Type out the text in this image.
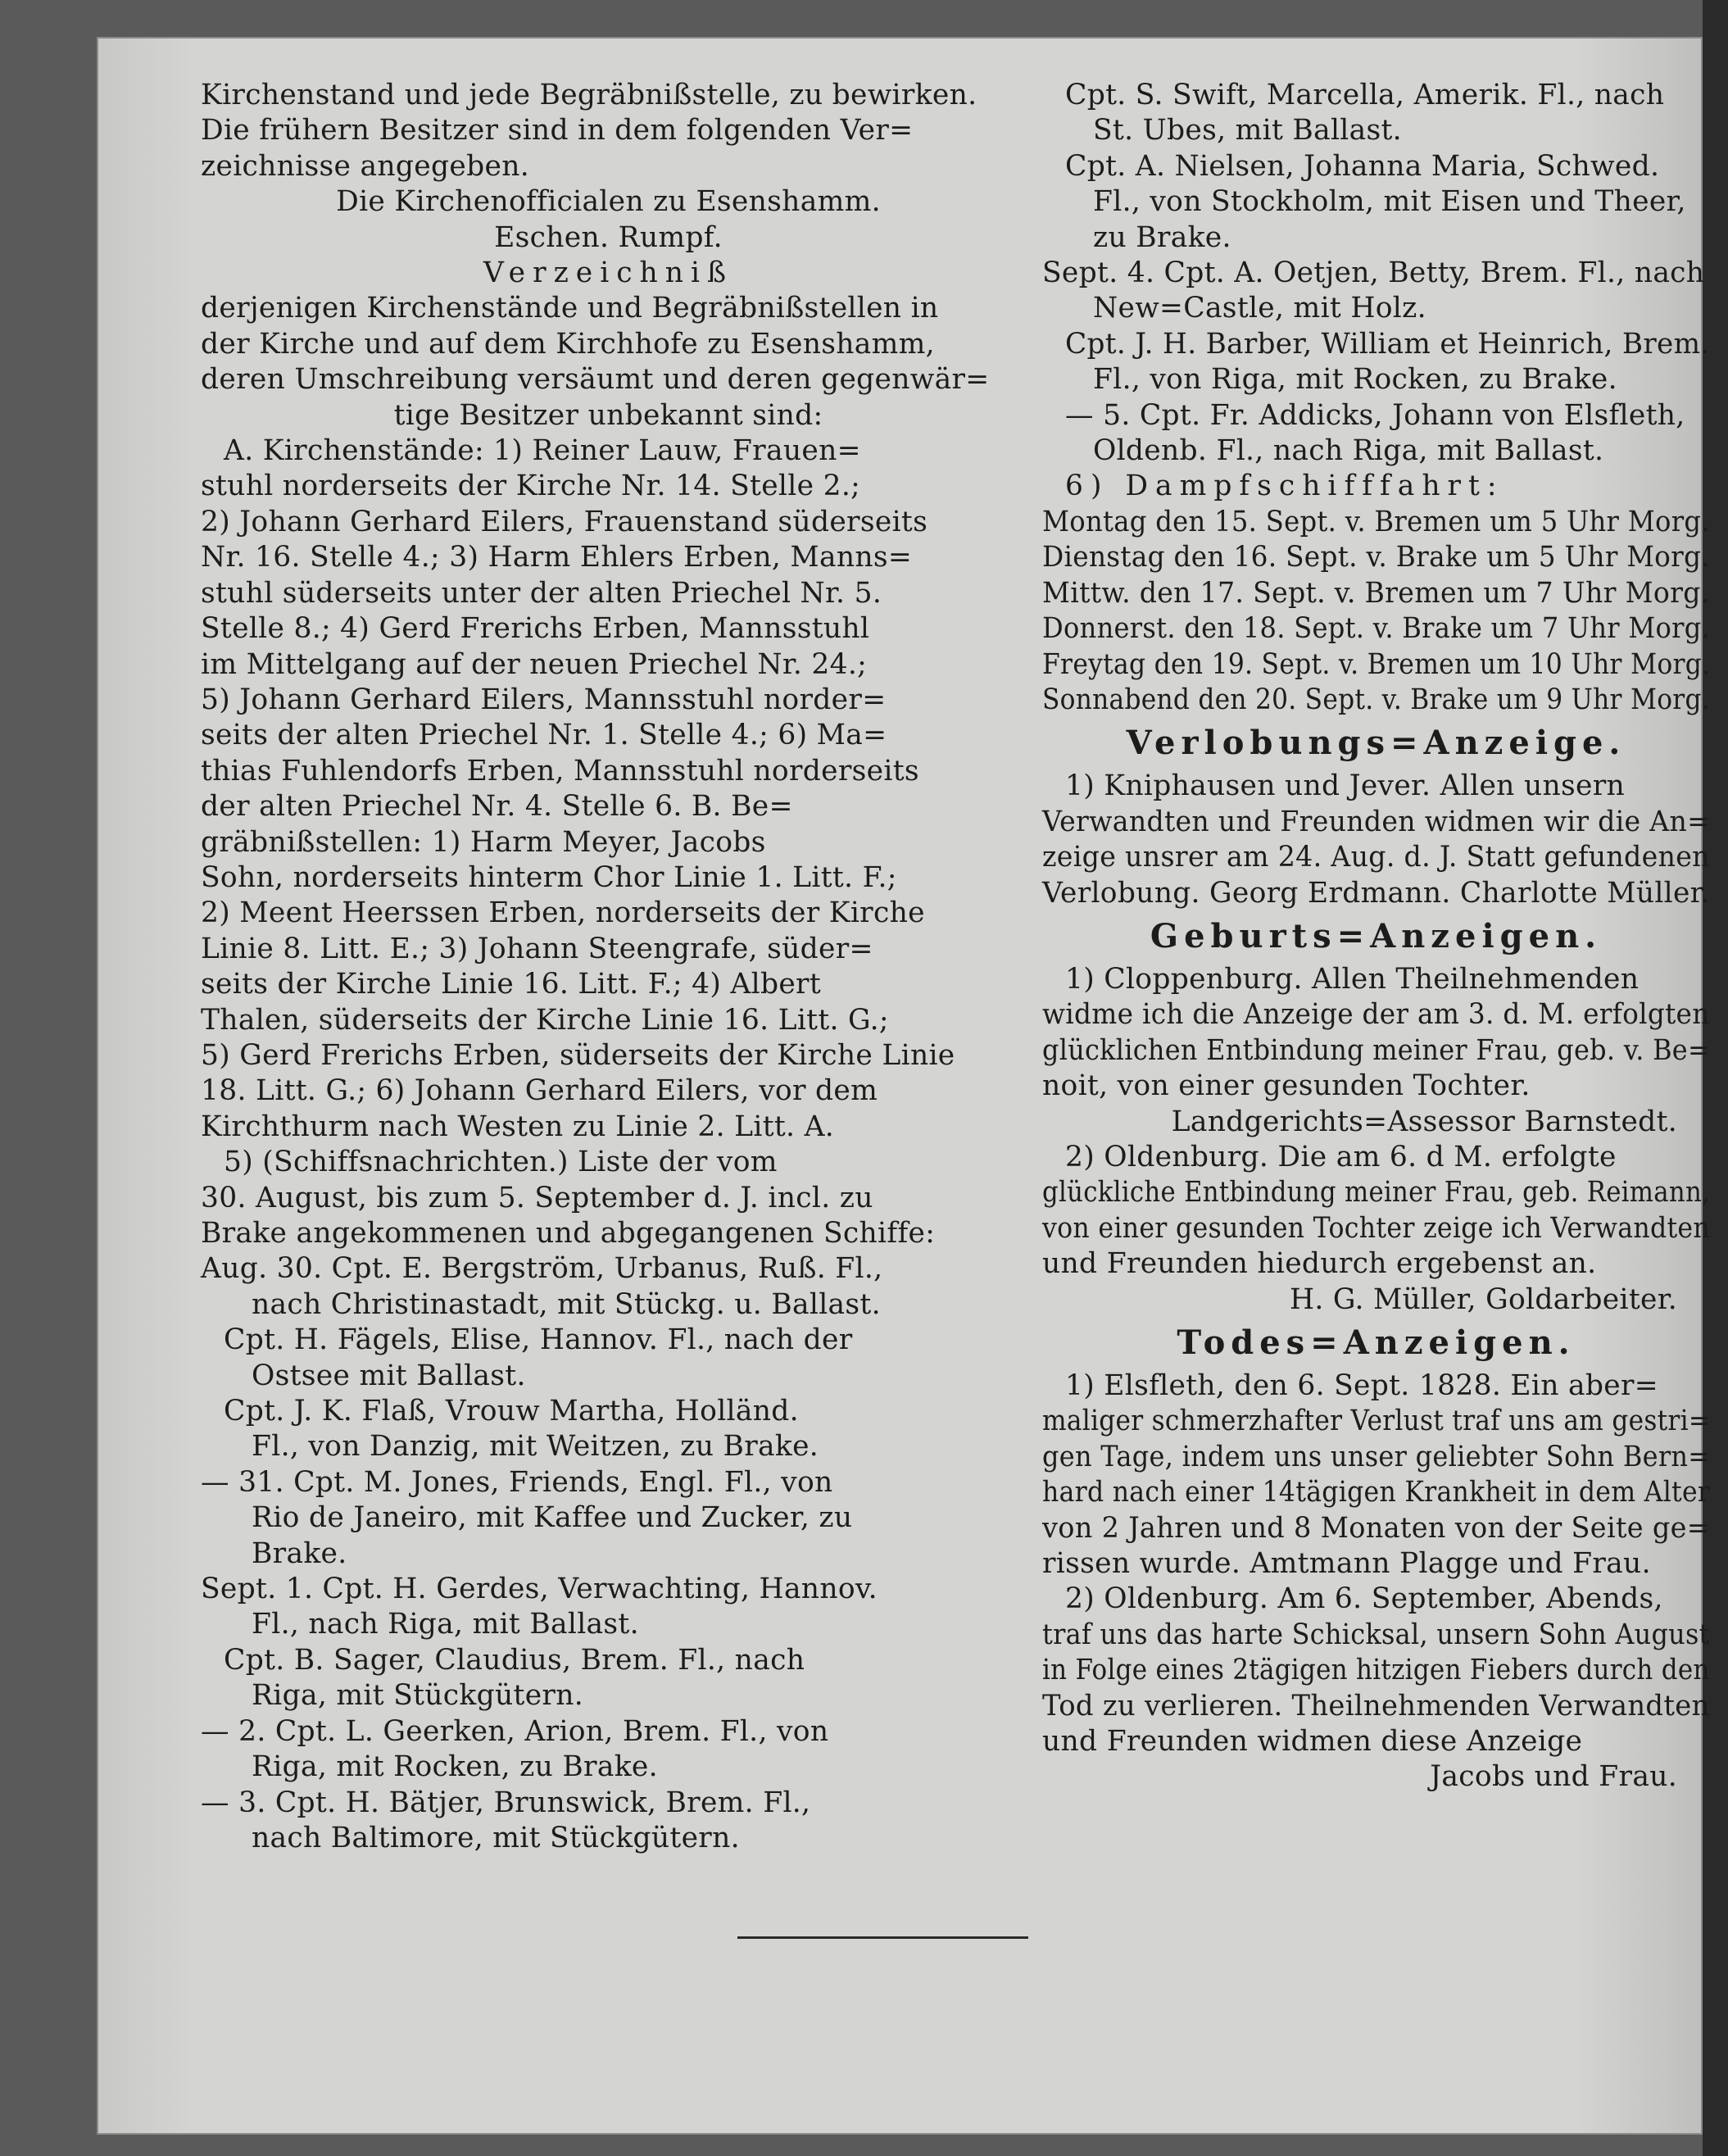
Kirchenstand und jede Begräbnißstelle, zu bewirken.

Die frühern Besitzer sind in dem folgenden Ver=

zeichnisse angegeben.

Die Kirchenofficialen zu Esenshamm.

Eschen. Rumpf.

Verzeichniß

derjenigen Kirchenstände und Begräbnißstellen in

der Kirche und auf dem Kirchhofe zu Esenshamm,

deren Umschreibung versäumt und deren gegenwär=

tige Besitzer unbekannt sind:

A. Kirchenstände: 1) Reiner Lauw, Frauen=

stuhl norderseits der Kirche Nr. 14. Stelle 2.;

2) Johann Gerhard Eilers, Frauenstand süderseits

Nr. 16. Stelle 4.; 3) Harm Ehlers Erben, Manns=

stuhl süderseits unter der alten Priechel Nr. 5.

Stelle 8.; 4) Gerd Frerichs Erben, Mannsstuhl

im Mittelgang auf der neuen Priechel Nr. 24.;

5) Johann Gerhard Eilers, Mannsstuhl norder=

seits der alten Priechel Nr. 1. Stelle 4.; 6) Ma=

thias Fuhlendorfs Erben, Mannsstuhl norderseits

der alten Priechel Nr. 4. Stelle 6. B. Be=

gräbnißstellen: 1) Harm Meyer, Jacobs

Sohn, norderseits hinterm Chor Linie 1. Litt. F.;

2) Meent Heerssen Erben, norderseits der Kirche

Linie 8. Litt. E.; 3) Johann Steengrafe, süder=

seits der Kirche Linie 16. Litt. F.; 4) Albert

Thalen, süderseits der Kirche Linie 16. Litt. G.;

5) Gerd Frerichs Erben, süderseits der Kirche Linie

18. Litt. G.; 6) Johann Gerhard Eilers, vor dem

Kirchthurm nach Westen zu Linie 2. Litt. A.

5) (Schiffsnachrichten.) Liste der vom

30. August, bis zum 5. September d. J. incl. zu

Brake angekommenen und abgegangenen Schiffe:

Aug. 30. Cpt. E. Bergström, Urbanus, Ruß. Fl.,

nach Christinastadt, mit Stückg. u. Ballast.

Cpt. H. Fägels, Elise, Hannov. Fl., nach der

Ostsee mit Ballast.

Cpt. J. K. Flaß, Vrouw Martha, Holländ.

Fl., von Danzig, mit Weitzen, zu Brake.

— 31. Cpt. M. Jones, Friends, Engl. Fl., von

Rio de Janeiro, mit Kaffee und Zucker, zu

Brake.

Sept. 1. Cpt. H. Gerdes, Verwachting, Hannov.

Fl., nach Riga, mit Ballast.

Cpt. B. Sager, Claudius, Brem. Fl., nach

Riga, mit Stückgütern.

— 2. Cpt. L. Geerken, Arion, Brem. Fl., von

Riga, mit Rocken, zu Brake.

— 3. Cpt. H. Bätjer, Brunswick, Brem. Fl.,

nach Baltimore, mit Stückgütern.

Cpt. S. Swift, Marcella, Amerik. Fl., nach

St. Ubes, mit Ballast.

Cpt. A. Nielsen, Johanna Maria, Schwed.

Fl., von Stockholm, mit Eisen und Theer,

zu Brake.

Sept. 4. Cpt. A. Oetjen, Betty, Brem. Fl., nach

New=Castle, mit Holz.

Cpt. J. H. Barber, William et Heinrich, Brem.

Fl., von Riga, mit Rocken, zu Brake.

— 5. Cpt. Fr. Addicks, Johann von Elsfleth,

Oldenb. Fl., nach Riga, mit Ballast.

6) Dampfschifffahrt:

Montag den 15. Sept. v. Bremen um 5 Uhr Morg.

Dienstag den 16. Sept. v. Brake um 5 Uhr Morg.

Mittw. den 17. Sept. v. Bremen um 7 Uhr Morg.

Donnerst. den 18. Sept. v. Brake um 7 Uhr Morg.

Freytag den 19. Sept. v. Bremen um 10 Uhr Morg.

Sonnabend den 20. Sept. v. Brake um 9 Uhr Morg.

Verlobungs=Anzeige.

1) Kniphausen und Jever. Allen unsern

Verwandten und Freunden widmen wir die An=

zeige unsrer am 24. Aug. d. J. Statt gefundenen

Verlobung. Georg Erdmann. Charlotte Müller.

Geburts=Anzeigen.

1) Cloppenburg. Allen Theilnehmenden

widme ich die Anzeige der am 3. d. M. erfolgten

glücklichen Entbindung meiner Frau, geb. v. Be=

noit, von einer gesunden Tochter.

Landgerichts=Assessor Barnstedt.

2) Oldenburg. Die am 6. d M. erfolgte

glückliche Entbindung meiner Frau, geb. Reimann,

von einer gesunden Tochter zeige ich Verwandten

und Freunden hiedurch ergebenst an.

H. G. Müller, Goldarbeiter.

Todes=Anzeigen.

1) Elsfleth, den 6. Sept. 1828. Ein aber=

maliger schmerzhafter Verlust traf uns am gestri=

gen Tage, indem uns unser geliebter Sohn Bern=

hard nach einer 14tägigen Krankheit in dem Alter

von 2 Jahren und 8 Monaten von der Seite ge=

rissen wurde. Amtmann Plagge und Frau.

2) Oldenburg. Am 6. September, Abends,

traf uns das harte Schicksal, unsern Sohn August

in Folge eines 2tägigen hitzigen Fiebers durch den

Tod zu verlieren. Theilnehmenden Verwandten

und Freunden widmen diese Anzeige

Jacobs und Frau.
